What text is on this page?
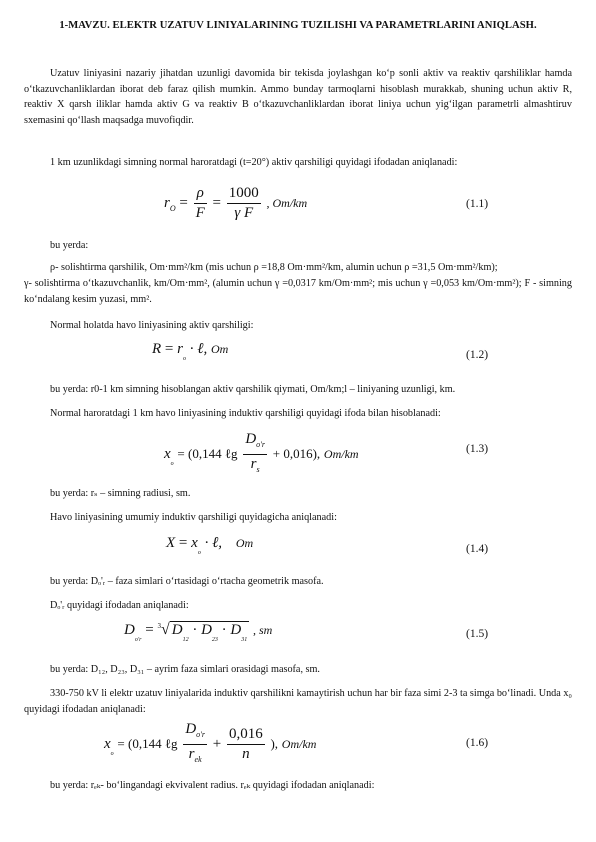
1-MAVZU. ELEKTR UZATUV LINIYALARINING TUZILISHI VA PARAMETRLARINI ANIQLASH.
Uzatuv liniyasini nazariy jihatdan uzunligi davomida bir tekisda joylashgan ko‘p sonli aktiv va reaktiv qarshiliklar hamda o‘tkazuvchanliklardan iborat deb faraz qilish mumkin. Ammo bunday tarmoqlarni hisoblash murakkab, shuning uchun aktiv R, reaktiv X qarsh iliklar hamda aktiv G va reaktiv B o‘tkazuvchanliklardan iborat liniya uchun yig‘ilgan parametrli almashtiruv sxemasini qo‘llash maqsadga muvofiqdir.
1 km uzunlikdagi simning normal haroratdagi (t=20°) aktiv qarshiligi quyidagi ifodadan aniqlanadi:
$r_O = \frac{\rho}{F} = \frac{1000}{\text{γ F}}$ , Om/km	(1.1)
bu yerda:
ρ- solishtirma qarshilik, Om·mm²/km (mis uchun ρ =18,8 Om·mm²/km, alumin uchun ρ =31,5 Om·mm²/km);
γ- solishtirma o‘tkazuvchanlik, km/Om·mm², (alumin uchun γ =0,0317 km/Om·mm²; mis uchun γ =0,053 km/Om·mm²); F - simning ko‘ndalang kesim yuzasi, mm².
Normal holatda havo liniyasining aktiv qarshiligi:
$R = r_o$ · ℓ, Om	(1.2)
bu yerda: r0-1 km simning hisoblangan aktiv qarshilik qiymati, Om/km;l – liniyaning uzunligi, km.
Normal haroratdagi 1 km havo liniyasining induktiv qarshiligi quyidagi ifoda bilan hisoblanadi:
$x_o = (0,144$ ℓg $\frac{D_{o'r}}{r_s} + 0,016$), Om/km	(1.3)
bu yerda: rₛ – simning radiusi, sm.
Havo liniyasining umumiy induktiv qarshiligi quyidagicha aniqlanadi:
$X = x_o$ · ℓ, Om	(1.4)
bu yerda: Dₒ'ᵣ – faza simlari o‘rtasidagi o‘rtacha geometrik masofa.
Dₒ'ᵣ quyidagi ifodadan aniqlanadi:
$D_{o'r} = ^3√$ $D_{12} \cdot D_{23} \cdot D_{31}$ , sm	(1.5)
bu yerda: D₁₂, D₂₃, D₃₁ – ayrim faza simlari orasidagi masofa, sm.
330-750 kV li elektr uzatuv liniyalarida induktiv qarshilikni kamaytirish uchun har bir faza simi 2-3 ta simga bo‘linadi. Unda x₀ quyidagi ifodadan aniqlanadi:
$x_o = (0,144$ ℓg $\frac{D_{o'r}}{r_{ek}} + \frac{0,016}{n}$ ), Om/km	(1.6)
bu yerda: rₑₖ- bo‘lingandagi ekvivalent radius. rₑₖ quyidagi ifodadan aniqlanadi:
